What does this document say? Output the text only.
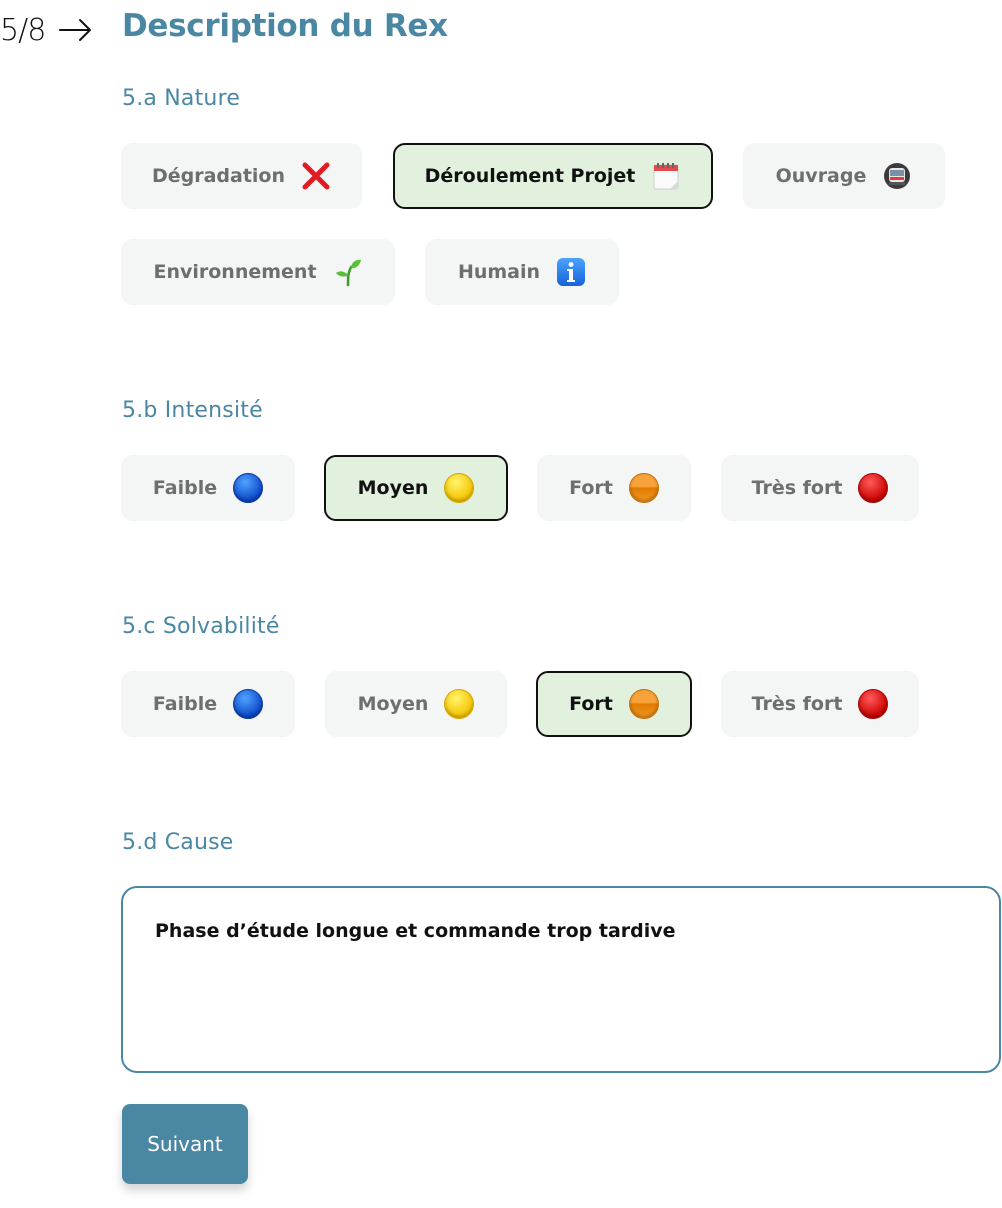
5/8 Description du Rex
5.a Nature
Dégradation	Déroulement Projet	Ouvrage
Environnement	Humain
5.b Intensité
Faible	Moyen	Fort	Très fort
5.c Solvabilité
Faible	Moyen	Fort	Très fort
5.d Cause
Phase d’étude longue et commande trop tardive
Suivant
